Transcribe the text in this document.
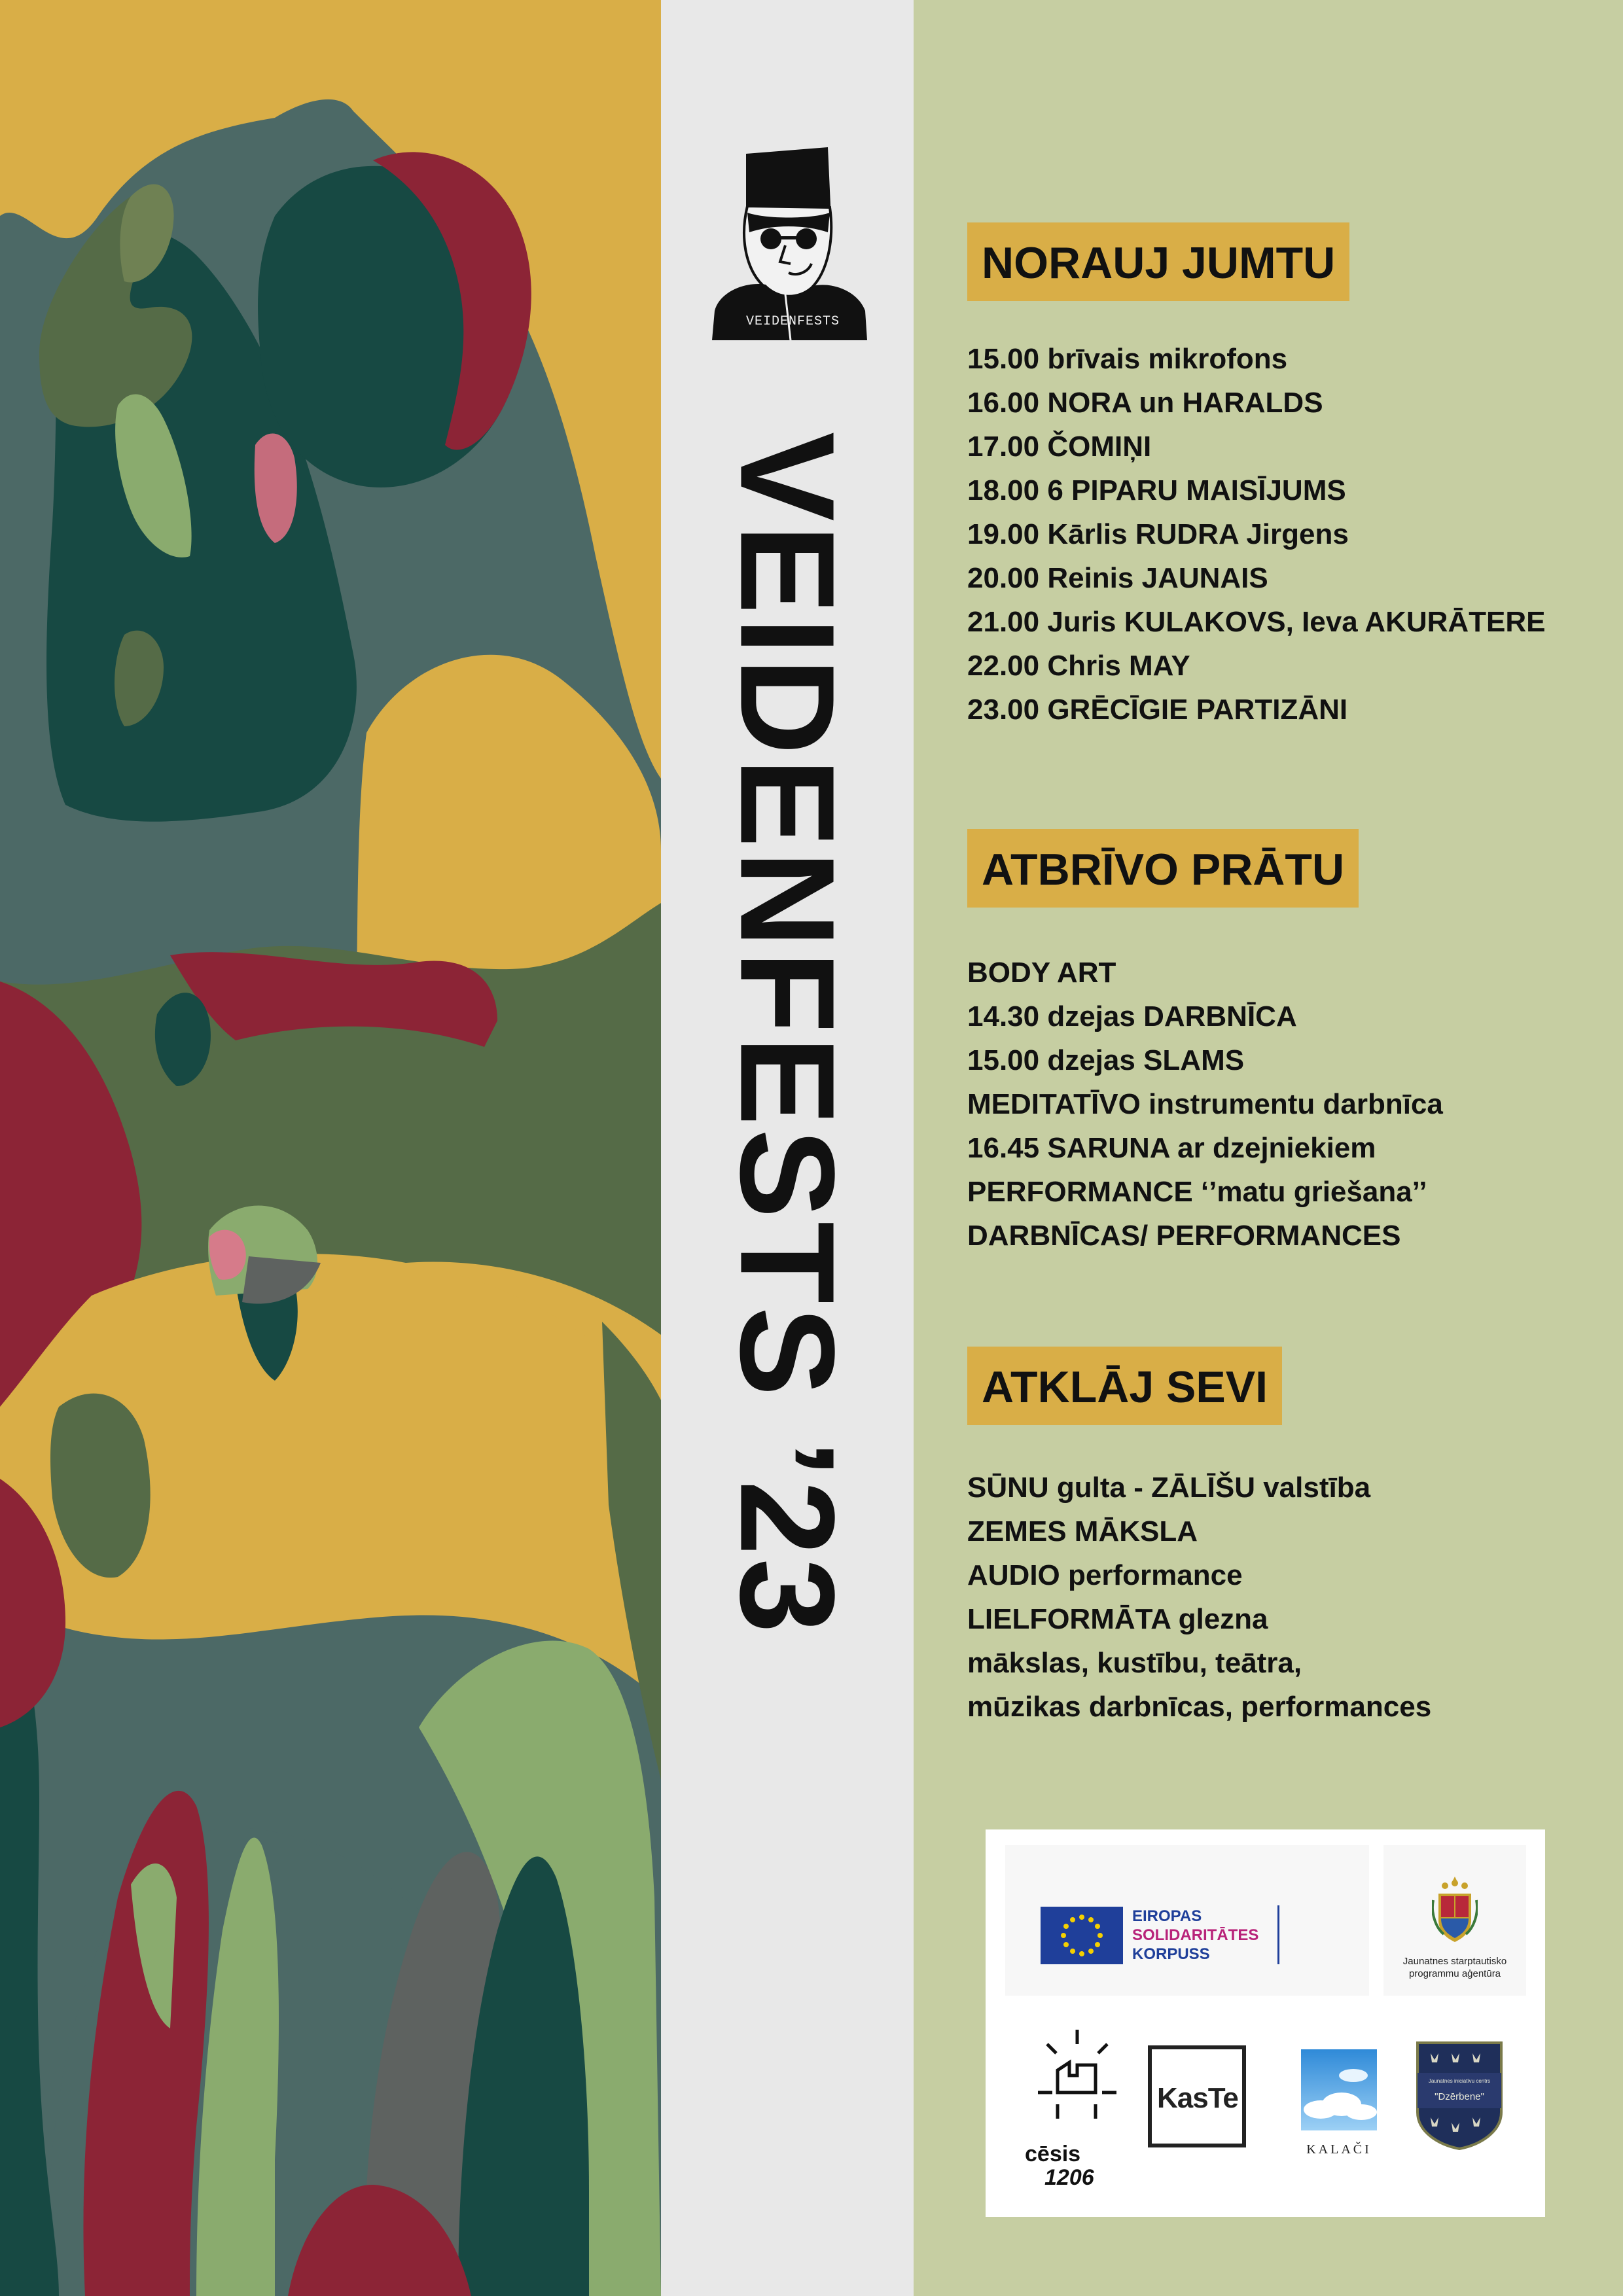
VEIDENFESTS
VEIDENFESTS ’23
NORAUJ JUMTU
15.00 brīvais mikrofons
16.00 NORA un HARALDS
17.00 ČOMIŅI
18.00 6 PIPARU MAISĪJUMS
19.00 Kārlis RUDRA Jirgens
20.00 Reinis JAUNAIS
21.00 Juris KULAKOVS, Ieva AKURĀTERE
22.00 Chris MAY
23.00 GRĒCĪGIE PARTIZĀNI
ATBRĪVO PRĀTU
BODY ART
14.30 dzejas DARBNĪCA
15.00 dzejas SLAMS
MEDITATĪVO instrumentu darbnīca
16.45 SARUNA ar dzejniekiem
PERFORMANCE ‘’matu griešana’’
DARBNĪCAS/ PERFORMANCES
ATKLĀJ SEVI
SŪNU gulta - ZĀLĪŠU valstība
ZEMES MĀKSLA
AUDIO performance
LIELFORMĀTA glezna
mākslas, kustību, teātra,
mūzikas darbnīcas, performances
EIROPAS
SOLIDARITĀTES
KORPUSS	Jaunatnes starptautisko
programmu aģentūra
cēsis
1206
KasTe
KALAČI
Jaunatnes iniciatīvu centrs
"Dzērbene"
